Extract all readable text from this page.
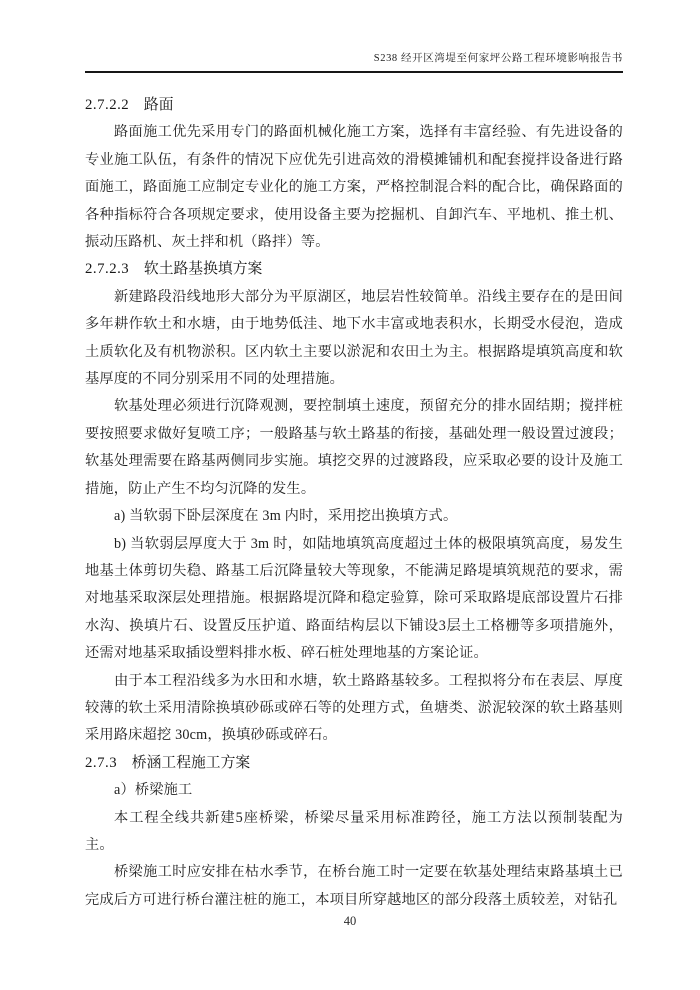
S238 经开区湾堤至何家坪公路工程环境影响报告书
2.7.2.2 路面

路面施工优先采用专门的路面机械化施工方案，选择有丰富经验、有先进设备的专业施工队伍，有条件的情况下应优先引进高效的滑模摊铺机和配套搅拌设备进行路面施工，路面施工应制定专业化的施工方案，严格控制混合料的配合比，确保路面的各种指标符合各项规定要求，使用设备主要为挖掘机、自卸汽车、平地机、推土机、振动压路机、灰土拌和机（路拌）等。

2.7.2.3 软土路基换填方案

新建路段沿线地形大部分为平原湖区，地层岩性较简单。沿线主要存在的是田间多年耕作软土和水塘，由于地势低洼、地下水丰富或地表积水，长期受水侵泡，造成土质软化及有机物淤积。区内软土主要以淤泥和农田土为主。根据路堤填筑高度和软基厚度的不同分别采用不同的处理措施。

软基处理必须进行沉降观测，要控制填土速度，预留充分的排水固结期；搅拌桩要按照要求做好复喷工序；一般路基与软土路基的衔接，基础处理一般设置过渡段；软基处理需要在路基两侧同步实施。填挖交界的过渡路段，应采取必要的设计及施工措施，防止产生不均匀沉降的发生。

a) 当软弱下卧层深度在 3m 内时，采用挖出换填方式。

b) 当软弱层厚度大于 3m 时，如陆地填筑高度超过土体的极限填筑高度，易发生地基土体剪切失稳、路基工后沉降量较大等现象，不能满足路堤填筑规范的要求，需对地基采取深层处理措施。根据路堤沉降和稳定验算，除可采取路堤底部设置片石排水沟、换填片石、设置反压护道、路面结构层以下铺设3层土工格栅等多项措施外，还需对地基采取插设塑料排水板、碎石桩处理地基的方案论证。

由于本工程沿线多为水田和水塘，软土路路基较多。工程拟将分布在表层、厚度较薄的软土采用清除换填砂砾或碎石等的处理方式，鱼塘类、淤泥较深的软土路基则采用路床超挖 30cm，换填砂砾或碎石。

2.7.3 桥涵工程施工方案

a）桥梁施工

本工程全线共新建5座桥梁，桥梁尽量采用标准跨径，施工方法以预制装配为主。

桥梁施工时应安排在枯水季节，在桥台施工时一定要在软基处理结束路基填土已完成后方可进行桥台灌注桩的施工，本项目所穿越地区的部分段落土质较差，对钻孔

40
